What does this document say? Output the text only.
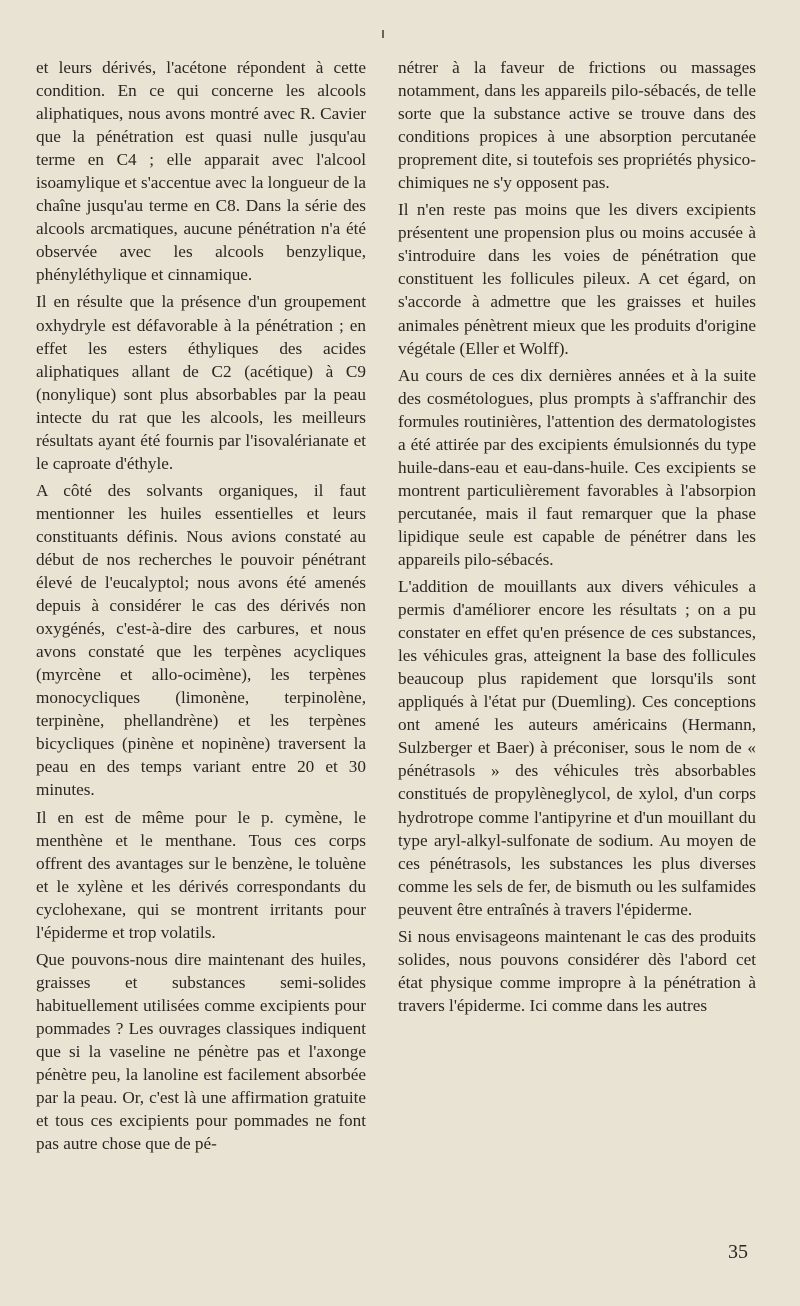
et leurs dérivés, l'acétone répondent à cette condition. En ce qui concerne les alcools aliphatiques, nous avons montré avec R. Cavier que la pénétration est quasi nulle jusqu'au terme en C4 ; elle apparait avec l'alcool isoamylique et s'accentue avec la longueur de la chaîne jusqu'au terme en C8. Dans la série des alcools arcmatiques, aucune pénétration n'a été observée avec les alcools benzylique, phényléthylique et cinnamique.

Il en résulte que la présence d'un groupement oxhydryle est défavorable à la pénétration ; en effet les esters éthyliques des acides aliphatiques allant de C2 (acétique) à C9 (nonylique) sont plus absorbables par la peau intecte du rat que les alcools, les meilleurs résultats ayant été fournis par l'isovalérianate et le caproate d'éthyle.

A côté des solvants organiques, il faut mentionner les huiles essentielles et leurs constituants définis. Nous avions constaté au début de nos recherches le pouvoir pénétrant élevé de l'eucalyptol; nous avons été amenés depuis à considérer le cas des dérivés non oxygénés, c'est-à-dire des carbures, et nous avons constaté que les terpènes acycliques (myrcène et allo-ocimène), les terpènes monocycliques (limonène, terpinolène, terpinène, phellandrène) et les terpènes bicycliques (pinène et nopinène) traversent la peau en des temps variant entre 20 et 30 minutes.

Il en est de même pour le p. cymène, le menthène et le menthane. Tous ces corps offrent des avantages sur le benzène, le toluène et le xylène et les dérivés correspondants du cyclohexane, qui se montrent irritants pour l'épiderme et trop volatils.

Que pouvons-nous dire maintenant des huiles, graisses et substances semi-solides habituellement utilisées comme excipients pour pommades ? Les ouvrages classiques indiquent que si la vaseline ne pénètre pas et l'axonge pénètre peu, la lanoline est facilement absorbée par la peau. Or, c'est là une affirmation gratuite et tous ces excipients pour pommades ne font pas autre chose que de pé-

nétrer à la faveur de frictions ou massages notamment, dans les appareils pilo-sébacés, de telle sorte que la substance active se trouve dans des conditions propices à une absorption percutanée proprement dite, si toutefois ses propriétés physico-chimiques ne s'y opposent pas.

Il n'en reste pas moins que les divers excipients présentent une propension plus ou moins accusée à s'introduire dans les voies de pénétration que constituent les follicules pileux. A cet égard, on s'accorde à admettre que les graisses et huiles animales pénètrent mieux que les produits d'origine végétale (Eller et Wolff).

Au cours de ces dix dernières années et à la suite des cosmétologues, plus prompts à s'affranchir des formules routinières, l'attention des dermatologistes a été attirée par des excipients émulsionnés du type huile-dans-eau et eau-dans-huile. Ces excipients se montrent particulièrement favorables à l'absorpion percutanée, mais il faut remarquer que la phase lipidique seule est capable de pénétrer dans les appareils pilo-sébacés.

L'addition de mouillants aux divers véhicules a permis d'améliorer encore les résultats ; on a pu constater en effet qu'en présence de ces substances, les véhicules gras, atteignent la base des follicules beaucoup plus rapidement que lorsqu'ils sont appliqués à l'état pur (Duemling). Ces conceptions ont amené les auteurs américains (Hermann, Sulzberger et Baer) à préconiser, sous le nom de « pénétrasols » des véhicules très absorbables constitués de propylèneglycol, de xylol, d'un corps hydrotrope comme l'antipyrine et d'un mouillant du type aryl-alkyl-sulfonate de sodium. Au moyen de ces pénétrasols, les substances les plus diverses comme les sels de fer, de bismuth ou les sulfamides peuvent être entraînés à travers l'épiderme.

Si nous envisageons maintenant le cas des produits solides, nous pouvons considérer dès l'abord cet état physique comme impropre à la pénétration à travers l'épiderme. Ici comme dans les autres

35
